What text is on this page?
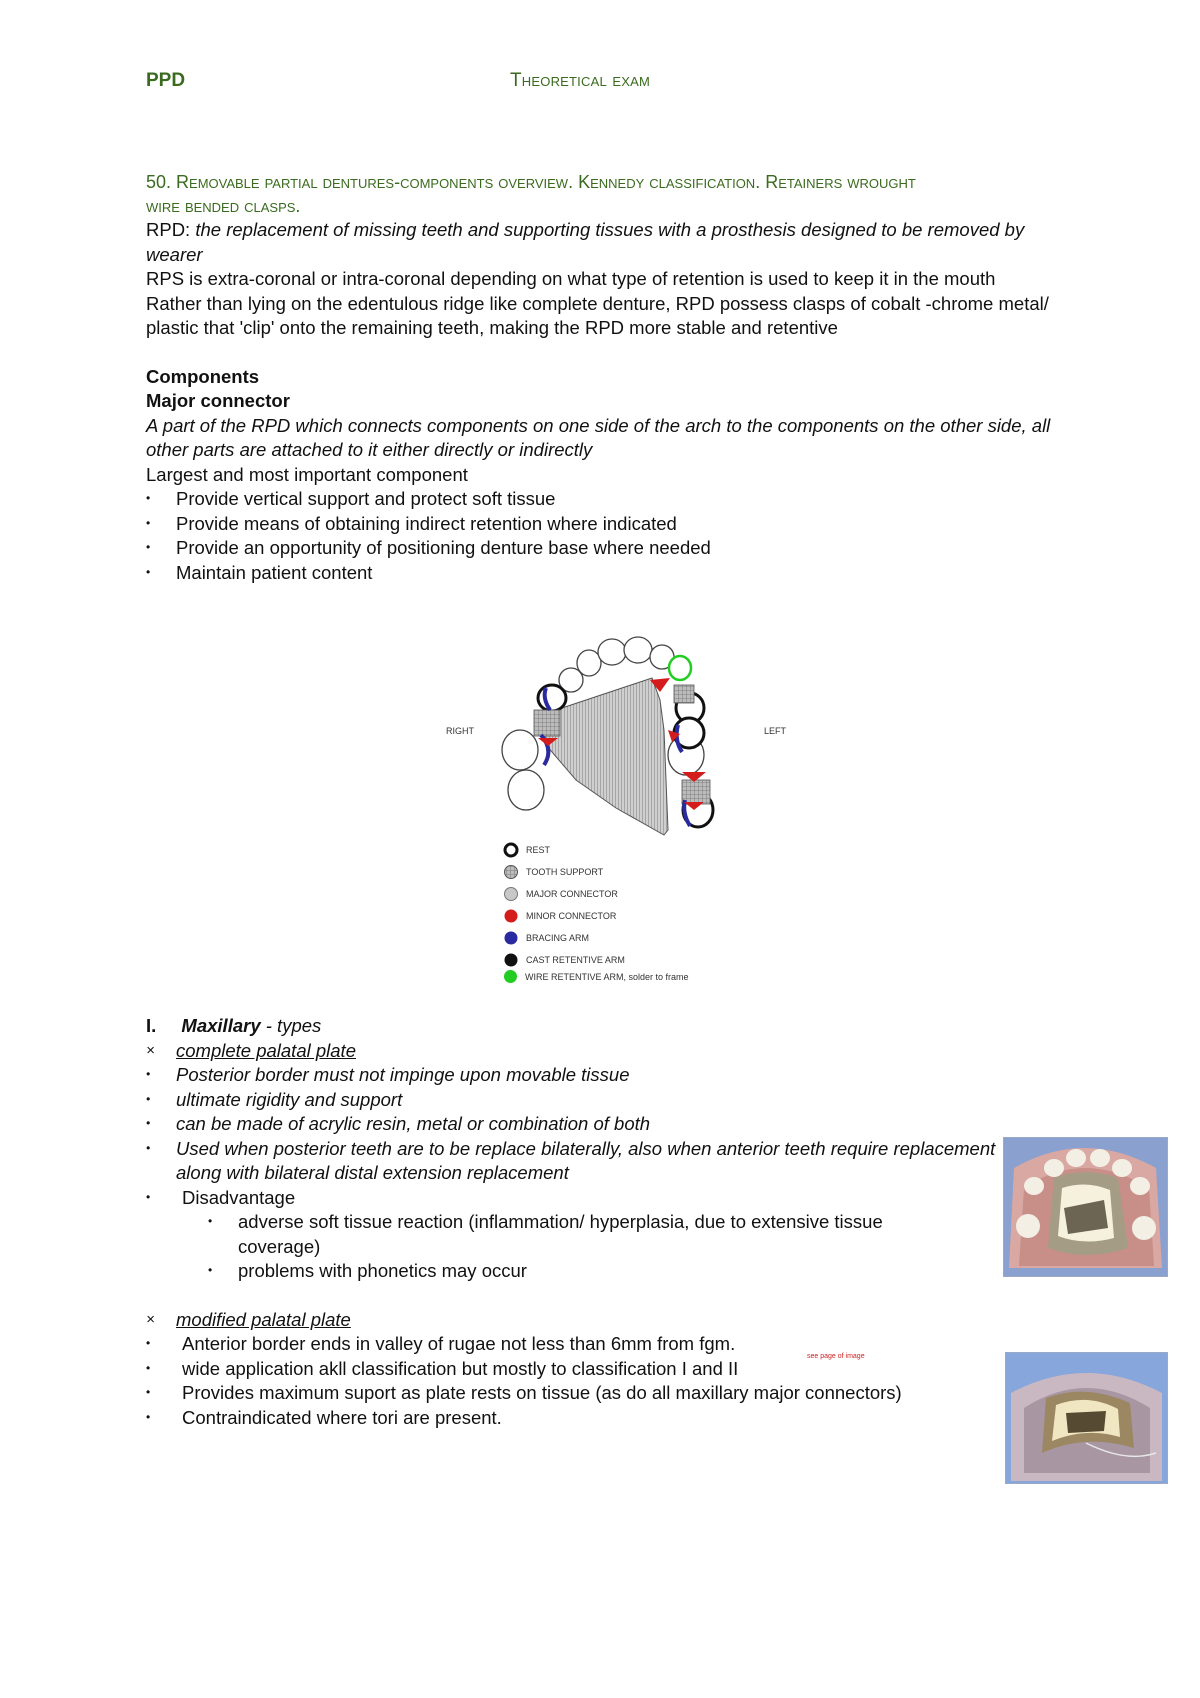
PPD	Theoretical exam

50. Removable partial dentures-components overview. Kennedy classification. Retainers wrought

wire bended clasps.

RPD: the replacement of missing teeth and supporting tissues with a prosthesis designed to be removed by wearer

RPS is extra-coronal or intra-coronal depending on what type of retention is used to keep it in the mouth

Rather than lying on the edentulous ridge like complete denture, RPD possess clasps of cobalt -chrome metal/ plastic that 'clip' onto the remaining teeth, making the RPD more stable and retentive

Components

Major connector

A part of the RPD which connects components on one side of the arch to the components on the other side, all other parts are attached to it either directly or indirectly

Largest and most important component

• Provide vertical support and protect soft tissue
• Provide means of obtaining indirect retention where indicated
• Provide an opportunity of positioning denture base where needed
• Maintain patient content

I. Maxillary - types

× complete palatal plate
• Posterior border must not impinge upon movable tissue
• ultimate rigidity and support
• can be made of acrylic resin, metal or combination of both
• Used when posterior teeth are to be replace bilaterally, also when anterior teeth require replacement along with bilateral distal extension replacement
• Disadvantage
• adverse soft tissue reaction (inflammation/ hyperplasia, due to extensive tissue coverage)
• problems with phonetics may occur
× modified palatal plate
• Anterior border ends in valley of rugae not less than 6mm from fgm.
• wide application akll classification but mostly to classification I and II
• Provides maximum suport as plate rests on tissue (as do all maxillary major connectors)
• Contraindicated where tori are present.
see page of image
RIGHT	LEFT
REST
TOOTH SUPPORT
MAJOR CONNECTOR
MINOR CONNECTOR
BRACING ARM
CAST RETENTIVE ARM
WIRE RETENTIVE ARM, solder to frame
